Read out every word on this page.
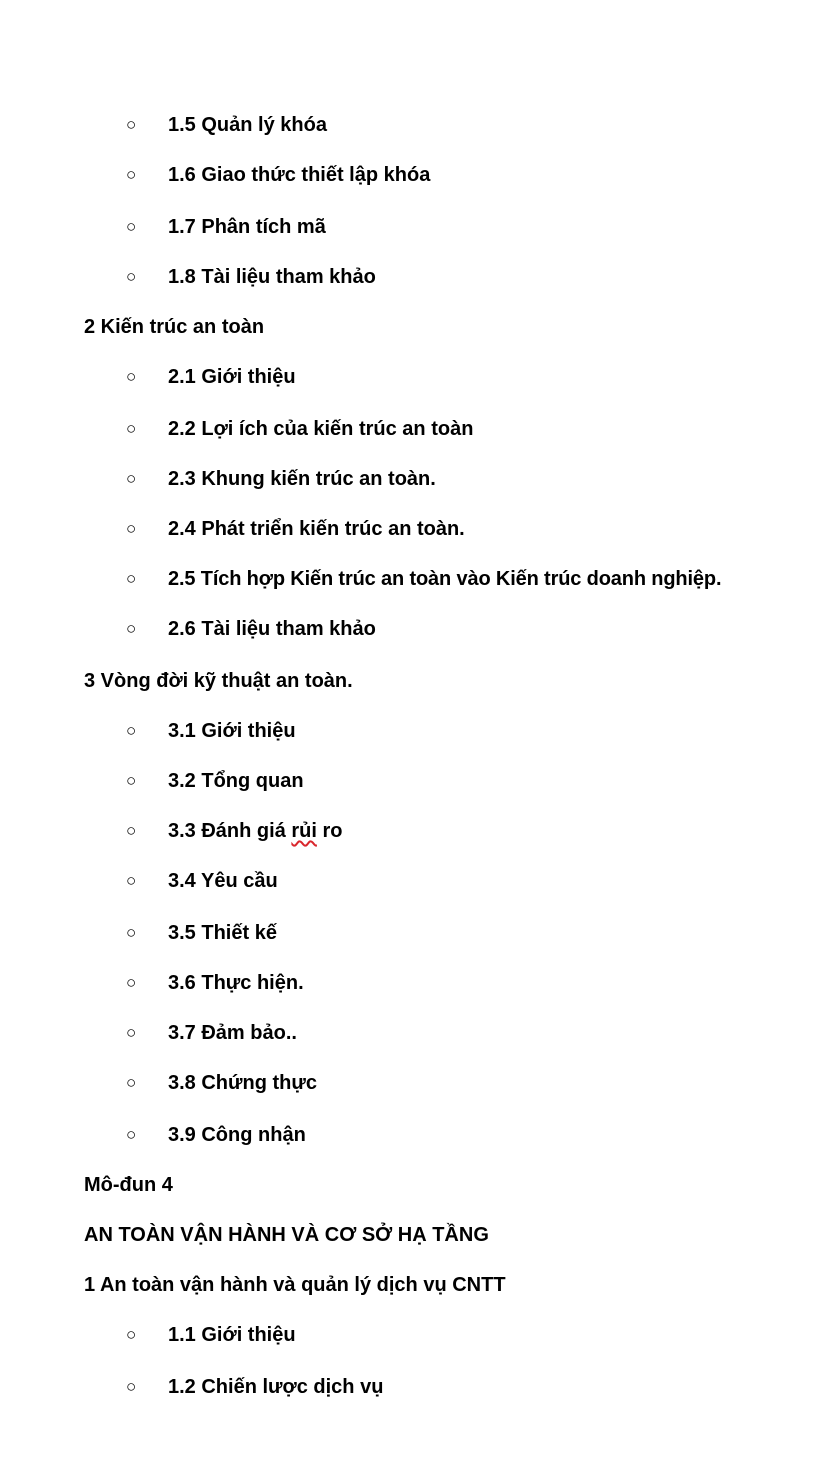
○ 1.5 Quản lý khóa
○ 1.6 Giao thức thiết lập khóa
○ 1.7 Phân tích mã
○ 1.8 Tài liệu tham khảo
2 Kiến trúc an toàn
○ 2.1 Giới thiệu
○ 2.2 Lợi ích của kiến trúc an toàn
○ 2.3 Khung kiến trúc an toàn.
○ 2.4 Phát triển kiến trúc an toàn.
○ 2.5 Tích hợp Kiến trúc an toàn vào Kiến trúc doanh nghiệp.
○ 2.6 Tài liệu tham khảo
3 Vòng đời kỹ thuật an toàn.
○ 3.1 Giới thiệu
○ 3.2 Tổng quan
○ 3.3 Đánh giá rủi ro
○ 3.4 Yêu cầu
○ 3.5 Thiết kế
○ 3.6 Thực hiện.
○ 3.7 Đảm bảo..
○ 3.8 Chứng thực
○ 3.9 Công nhận
Mô-đun 4
AN TOÀN VẬN HÀNH VÀ CƠ SỞ HẠ TẦNG
1 An toàn vận hành và quản lý dịch vụ CNTT
○ 1.1 Giới thiệu
○ 1.2 Chiến lược dịch vụ
